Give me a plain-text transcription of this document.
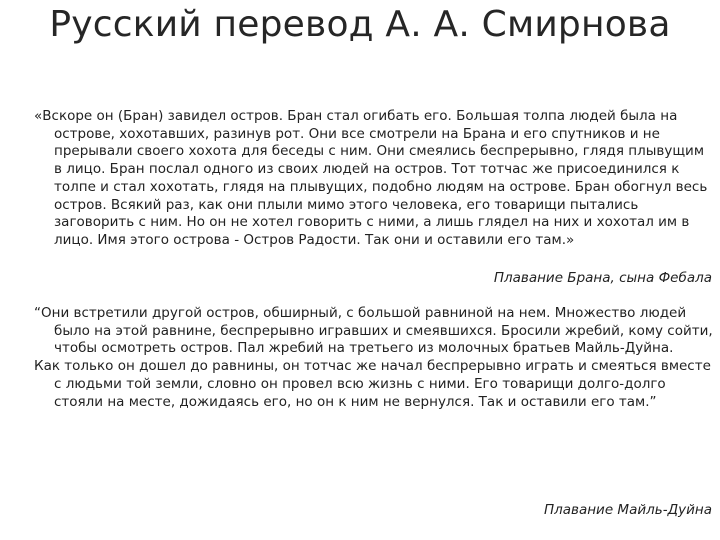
Русский перевод А. А. Смирнова

«Вскоре он (Бран) завидел остров. Бран стал огибать его. Большая толпа людей была на острове, хохотавших, разинув рот. Они все смотрели на Брана и его спутников и не прерывали своего хохота для беседы с ним. Они смеялись беспрерывно, глядя плывущим в лицо. Бран послал одного из своих людей на остров. Тот тотчас же присоединился к толпе и стал хохотать, глядя на плывущих, подобно людям на острове. Бран обогнул весь остров. Всякий раз, как они плыли мимо этого человека, его товарищи пытались заговорить с ним. Но он не хотел говорить с ними, а лишь глядел на них и хохотал им в лицо. Имя этого острова - Остров Радости. Так они и оставили его там.»

Плавание Брана, сына Фебала

“Они встретили другой остров, обширный, с большой равниной на нем. Множество людей было на этой равнине, беспрерывно игравших и смеявшихся. Бросили жребий, кому сойти, чтобы осмотреть остров. Пал жребий на третьего из молочных братьев Майль-Дуйна.

Как только он дошел до равнины, он тотчас же начал беспрерывно играть и смеяться вместе с людьми той земли, словно он провел всю жизнь с ними. Его товарищи долго-долго стояли на месте, дожидаясь его, но он к ним не вернулся. Так и оставили его там.”

Плавание Майль-Дуйна
